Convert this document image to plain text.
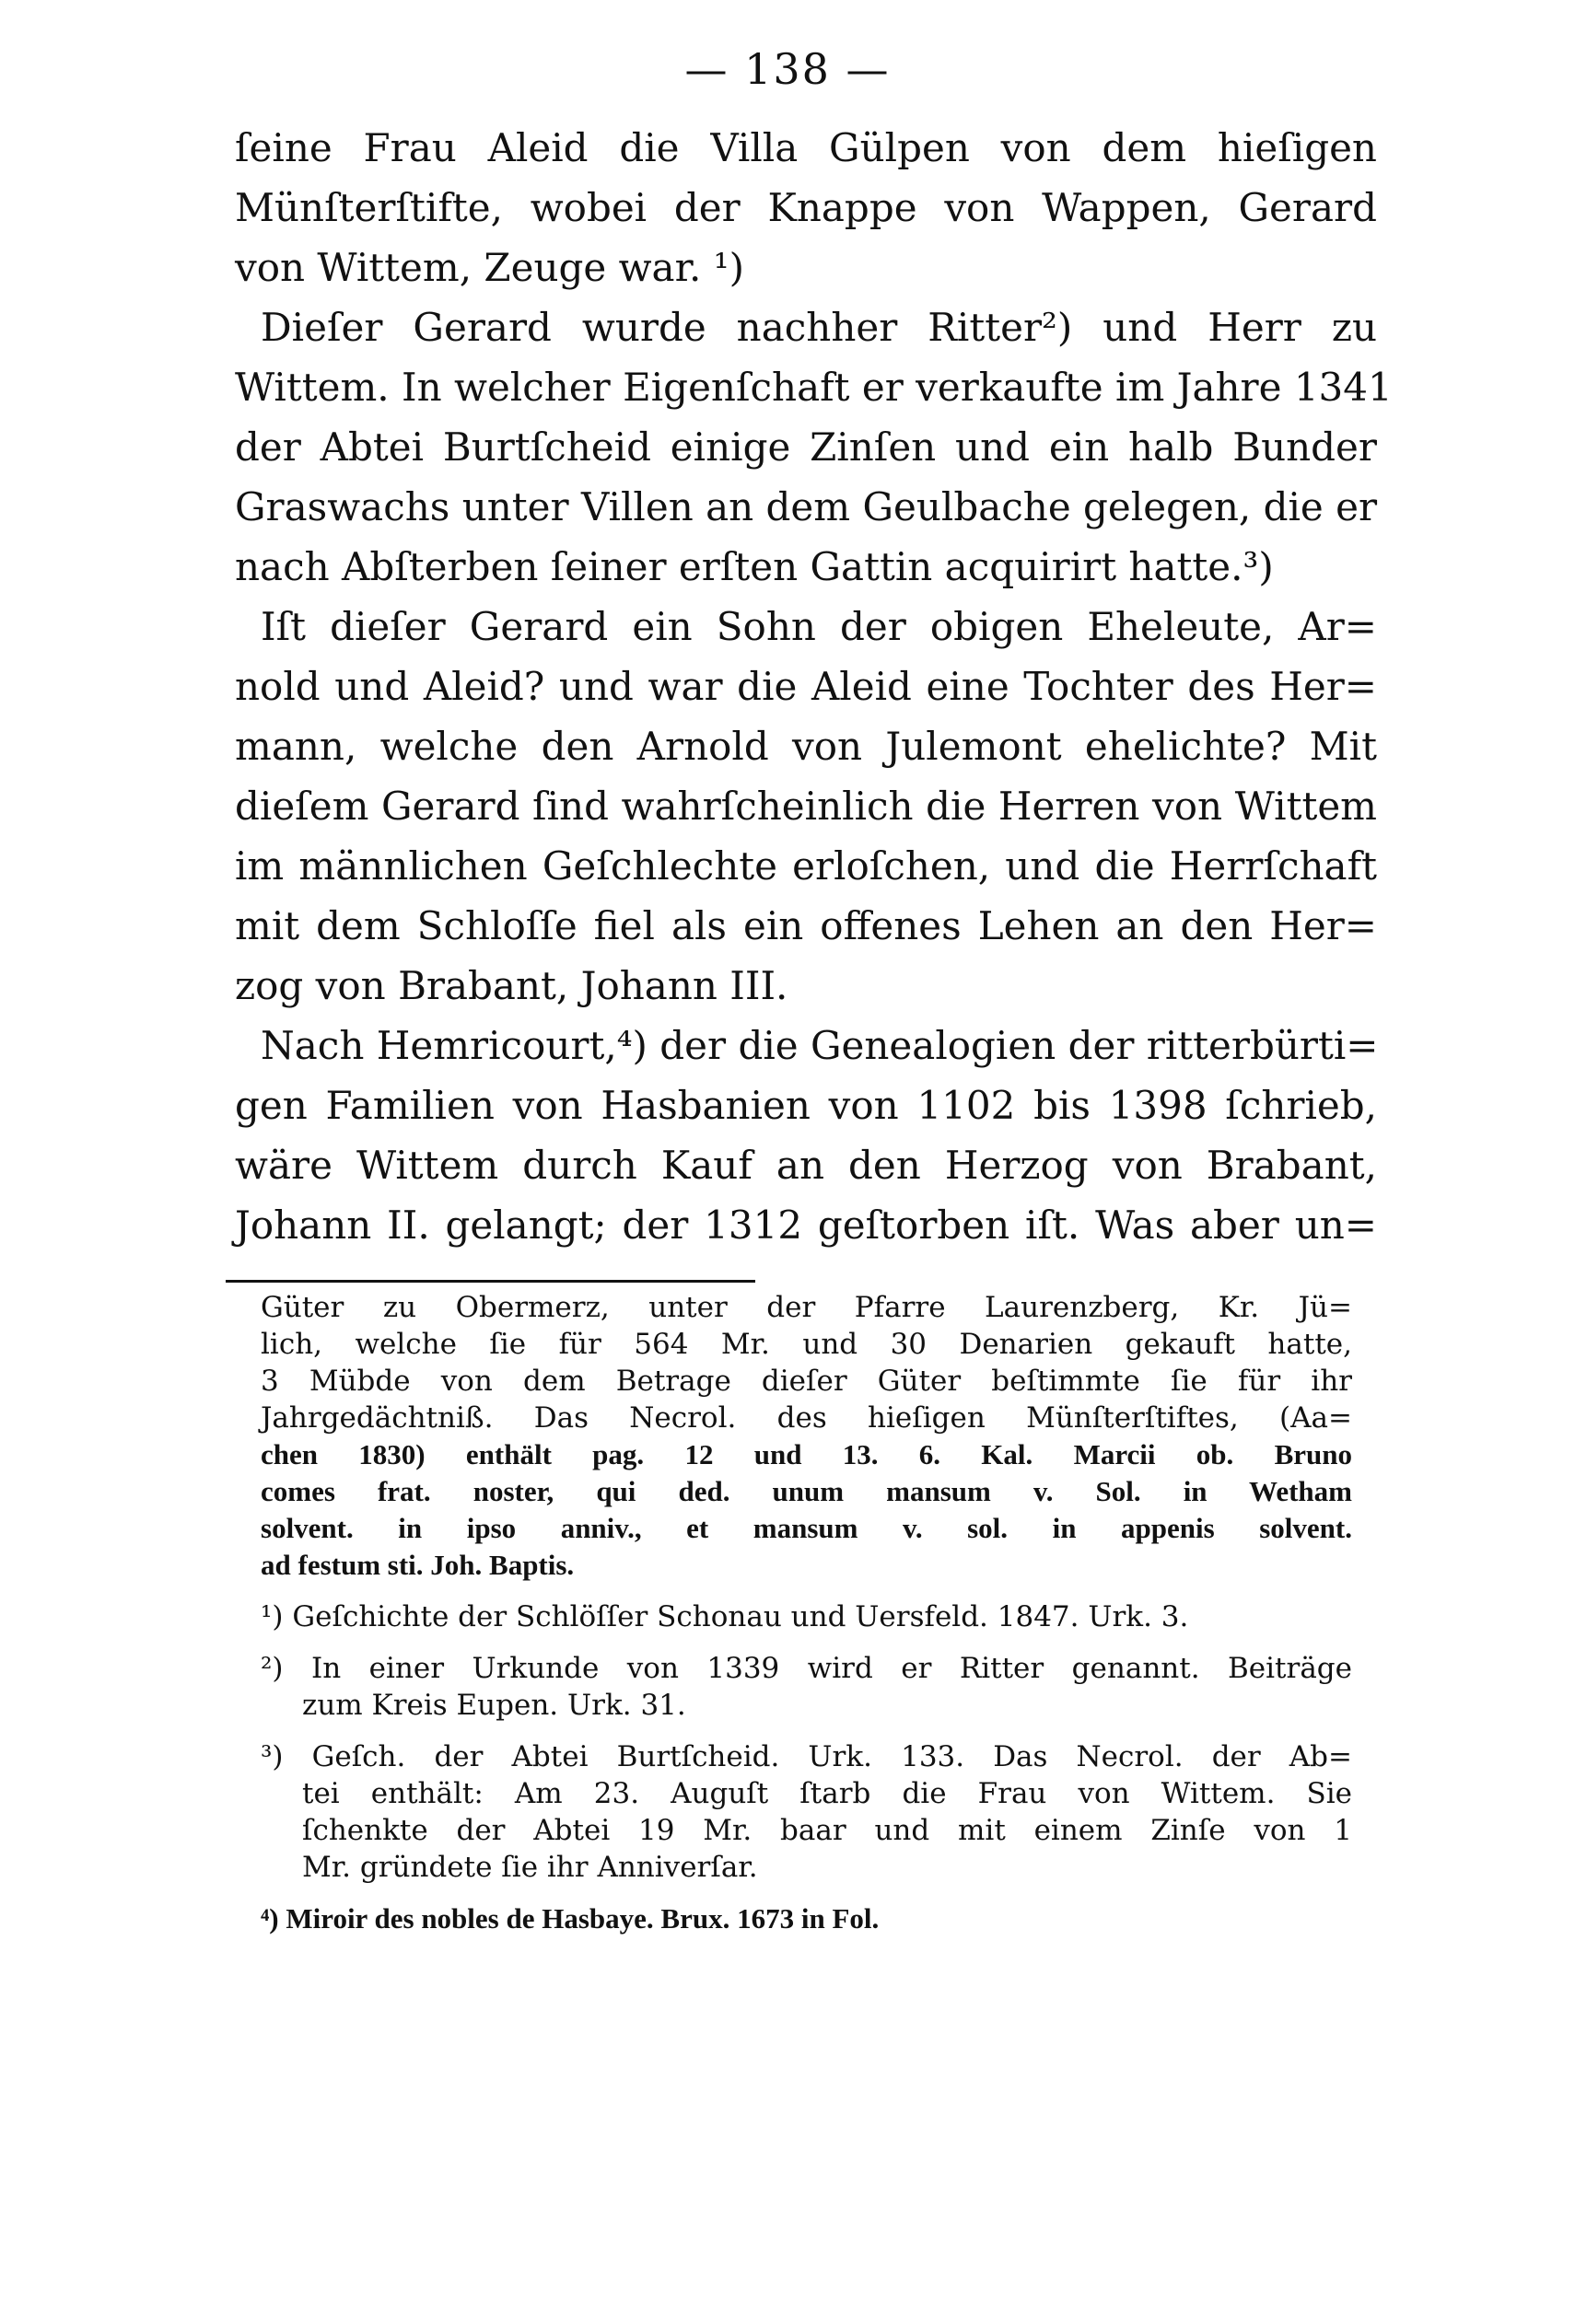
— 138 —
ſeine Frau Aleid die Villa Gülpen von dem hieſigen
Münſterſtifte, wobei der Knappe von Wappen, Gerard
von Wittem, Zeuge war. ¹)
Dieſer Gerard wurde nachher Ritter²) und Herr zu
Wittem. In welcher Eigenſchaft er verkaufte im Jahre 1341
der Abtei Burtſcheid einige Zinſen und ein halb Bunder
Graswachs unter Villen an dem Geulbache gelegen, die er
nach Abſterben ſeiner erſten Gattin acquirirt hatte.³)
Iſt dieſer Gerard ein Sohn der obigen Eheleute, Ar=
nold und Aleid? und war die Aleid eine Tochter des Her=
mann, welche den Arnold von Julemont ehelichte? Mit
dieſem Gerard ſind wahrſcheinlich die Herren von Wittem
im männlichen Geſchlechte erloſchen, und die Herrſchaft
mit dem Schloſſe fiel als ein offenes Lehen an den Her=
zog von Brabant, Johann III.
Nach Hemricourt,⁴) der die Genealogien der ritterbürti=
gen Familien von Hasbanien von 1102 bis 1398 ſchrieb,
wäre Wittem durch Kauf an den Herzog von Brabant,
Johann II. gelangt; der 1312 geſtorben iſt. Was aber un=
Güter zu Obermerz, unter der Pfarre Laurenzberg, Kr. Jü=
lich, welche ſie für 564 Mr. und 30 Denarien gekauft hatte,
3 Mübde von dem Betrage dieſer Güter beſtimmte ſie für ihr
Jahrgedächtniß. Das Necrol. des hieſigen Münſterſtiftes, (Aa=
chen 1830) enthält pag. 12 und 13. 6. Kal. Marcii ob. Bruno
comes frat. noster, qui ded. unum mansum v. Sol. in Wetham
solvent. in ipso anniv., et mansum v. sol. in appenis solvent.
ad festum sti. Joh. Baptis.
¹) Geſchichte der Schlöſſer Schonau und Uersfeld. 1847. Urk. 3.
²) In einer Urkunde von 1339 wird er Ritter genannt. Beiträge
zum Kreis Eupen. Urk. 31.
³) Geſch. der Abtei Burtſcheid. Urk. 133. Das Necrol. der Ab=
tei enthält: Am 23. Auguſt ſtarb die Frau von Wittem. Sie
ſchenkte der Abtei 19 Mr. baar und mit einem Zinſe von 1
Mr. gründete ſie ihr Anniverſar.
⁴) Miroir des nobles de Hasbaye. Brux. 1673 in Fol.
